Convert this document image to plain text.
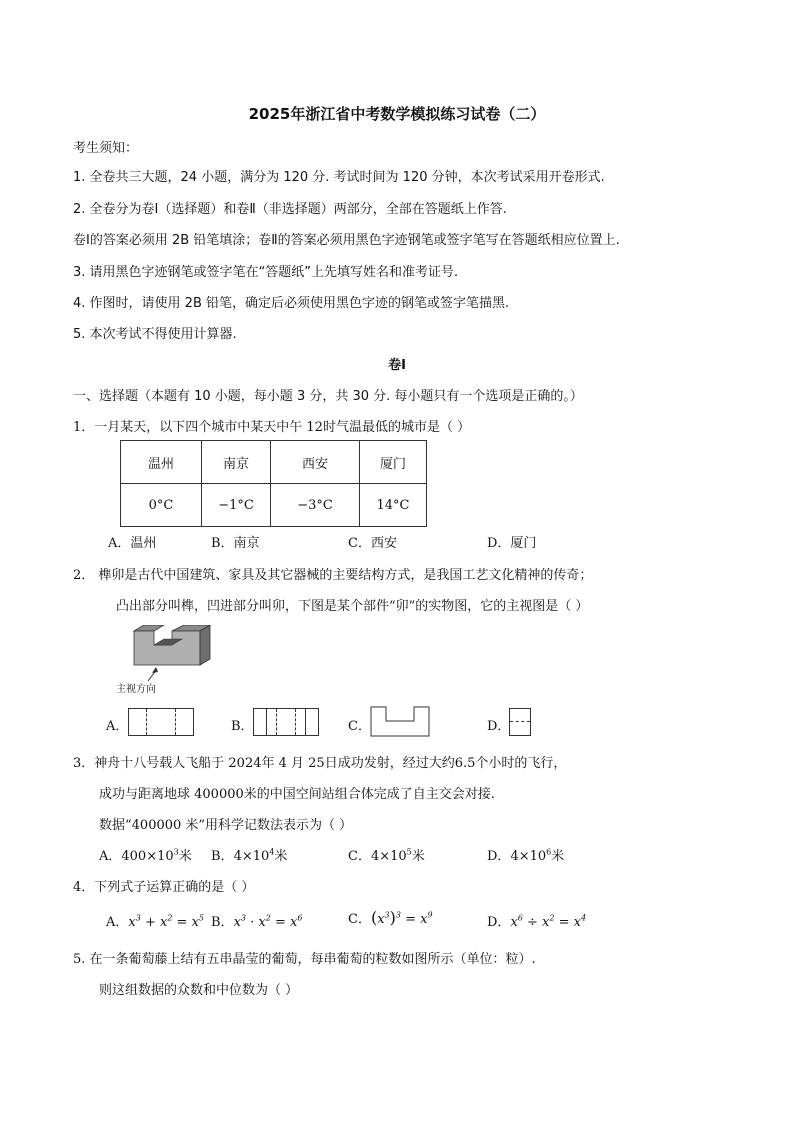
2025年浙江省中考数学模拟练习试卷（二）
考生须知：
1. 全卷共三大题，24 小题，满分为 120 分. 考试时间为 120 分钟，本次考试采用开卷形式.
2. 全卷分为卷Ⅰ（选择题）和卷Ⅱ（非选择题）两部分，全部在答题纸上作答.
卷Ⅰ的答案必须用 2B 铅笔填涂；卷Ⅱ的答案必须用黑色字迹钢笔或签字笔写在答题纸相应位置上.
3. 请用黑色字迹钢笔或签字笔在“答题纸”上先填写姓名和准考证号.
4. 作图时，请使用 2B 铅笔，确定后必须使用黑色字迹的钢笔或签字笔描黑.
5. 本次考试不得使用计算器.
卷Ⅰ
一、选择题（本题有 10 小题，每小题 3 分，共 30 分. 每小题只有一个选项是正确的。）
1．一月某天，以下四个城市中某天中午 12时气温最低的城市是（ ）
温州	南京	西安	厦门
0°C	−1°C	−3°C	14°C
A．温州	B．南京	C．西安	D．厦门
2． 榫卯是古代中国建筑、家具及其它器械的主要结构方式，是我国工艺文化精神的传奇；
凸出部分叫榫，凹进部分叫卯，下图是某个部件“卯”的实物图，它的主视图是（ ）
主视方向
A．	B．	C．	D．
3．神舟十八号载人飞船于 2024年 4 月 25日成功发射，经过大约6.5个小时的飞行，
成功与距离地球 400000米的中国空间站组合体完成了自主交会对接.
数据“400000 米”用科学记数法表示为（ ）
A．$400\times 10^3$米 B．$4\times 10^4$米	C．$4\times 10^5$米	D．$4\times 10^6$米
4．下列式子运算正确的是（ ）
A．$x^3 + x^2 = x^5$ B．$x^3 \cdot x^2 = x^6$	C．$(x^3)^3 = x^9$	D．$x^6 \div x^2 = x^4$
5. 在一条葡萄藤上结有五串晶莹的葡萄，每串葡萄的粒数如图所示（单位：粒）.
则这组数据的众数和中位数为（ ）
